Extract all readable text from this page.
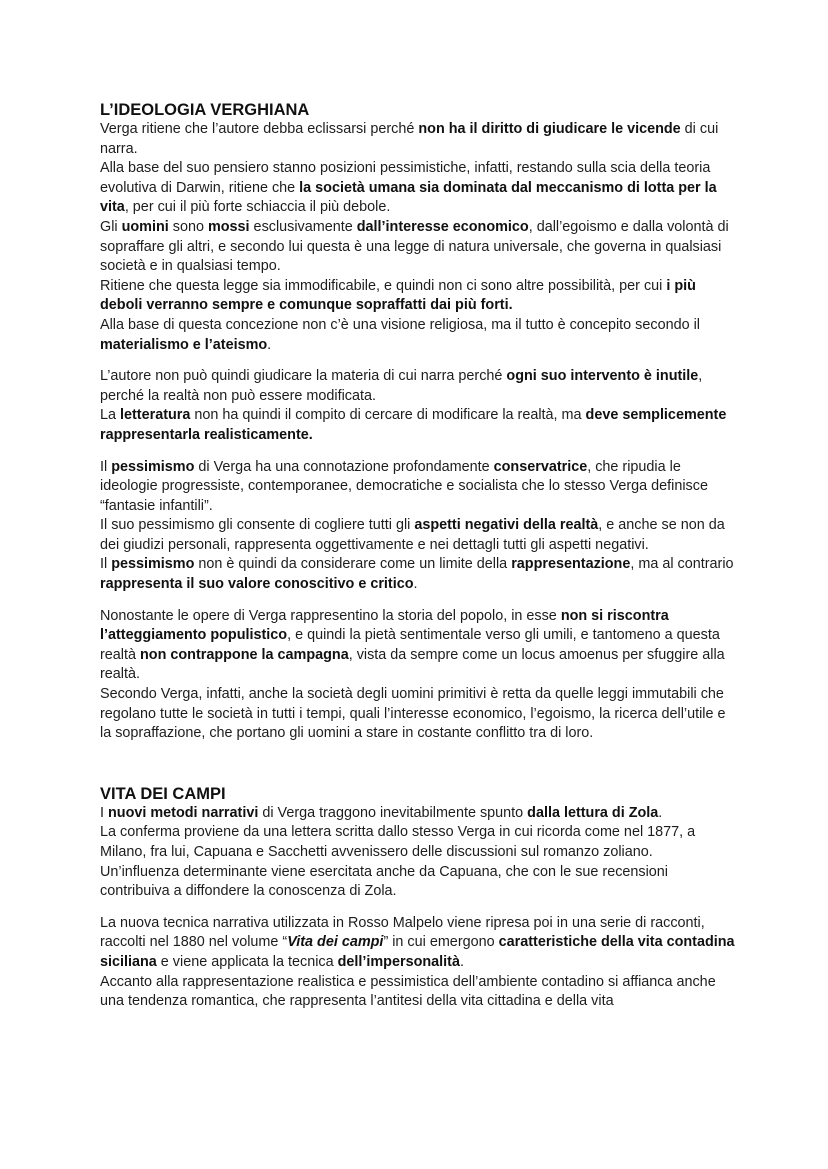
L’IDEOLOGIA VERGHIANA

Verga ritiene che l’autore debba eclissarsi perché non ha il diritto di giudicare le vicende di cui narra.

Alla base del suo pensiero stanno posizioni pessimistiche, infatti, restando sulla scia della teoria evolutiva di Darwin, ritiene che la società umana sia dominata dal meccanismo di lotta per la vita, per cui il più forte schiaccia il più debole.

Gli uomini sono mossi esclusivamente dall’interesse economico, dall’egoismo e dalla volontà di sopraffare gli altri, e secondo lui questa è una legge di natura universale, che governa in qualsiasi società e in qualsiasi tempo.

Ritiene che questa legge sia immodificabile, e quindi non ci sono altre possibilità, per cui i più deboli verranno sempre e comunque sopraffatti dai più forti.

Alla base di questa concezione non c’è una visione religiosa, ma il tutto è concepito secondo il materialismo e l’ateismo.

L’autore non può quindi giudicare la materia di cui narra perché ogni suo intervento è inutile, perché la realtà non può essere modificata.

La letteratura non ha quindi il compito di cercare di modificare la realtà, ma deve semplicemente rappresentarla realisticamente.

Il pessimismo di Verga ha una connotazione profondamente conservatrice, che ripudia le ideologie progressiste, contemporanee, democratiche e socialista che lo stesso Verga definisce “fantasie infantili”.

Il suo pessimismo gli consente di cogliere tutti gli aspetti negativi della realtà, e anche se non da dei giudizi personali, rappresenta oggettivamente e nei dettagli tutti gli aspetti negativi.

Il pessimismo non è quindi da considerare come un limite della rappresentazione, ma al contrario rappresenta il suo valore conoscitivo e critico.

Nonostante le opere di Verga rappresentino la storia del popolo, in esse non si riscontra l’atteggiamento populistico, e quindi la pietà sentimentale verso gli umili, e tantomeno a questa realtà non contrappone la campagna, vista da sempre come un locus amoenus per sfuggire alla realtà.

Secondo Verga, infatti, anche la società degli uomini primitivi è retta da quelle leggi immutabili che regolano tutte le società in tutti i tempi, quali l’interesse economico, l’egoismo, la ricerca dell’utile e la sopraffazione, che portano gli uomini a stare in costante conflitto tra di loro.

VITA DEI CAMPI

I nuovi metodi narrativi di Verga traggono inevitabilmente spunto dalla lettura di Zola.

La conferma proviene da una lettera scritta dallo stesso Verga in cui ricorda come nel 1877, a Milano, fra lui, Capuana e Sacchetti avvenissero delle discussioni sul romanzo zoliano.

Un’influenza determinante viene esercitata anche da Capuana, che con le sue recensioni contribuiva a diffondere la conoscenza di Zola.

La nuova tecnica narrativa utilizzata in Rosso Malpelo viene ripresa poi in una serie di racconti, raccolti nel 1880 nel volume “Vita dei campi” in cui emergono caratteristiche della vita contadina siciliana e viene applicata la tecnica dell’impersonalità.

Accanto alla rappresentazione realistica e pessimistica dell’ambiente contadino si affianca anche una tendenza romantica, che rappresenta l’antitesi della vita cittadina e della vita
